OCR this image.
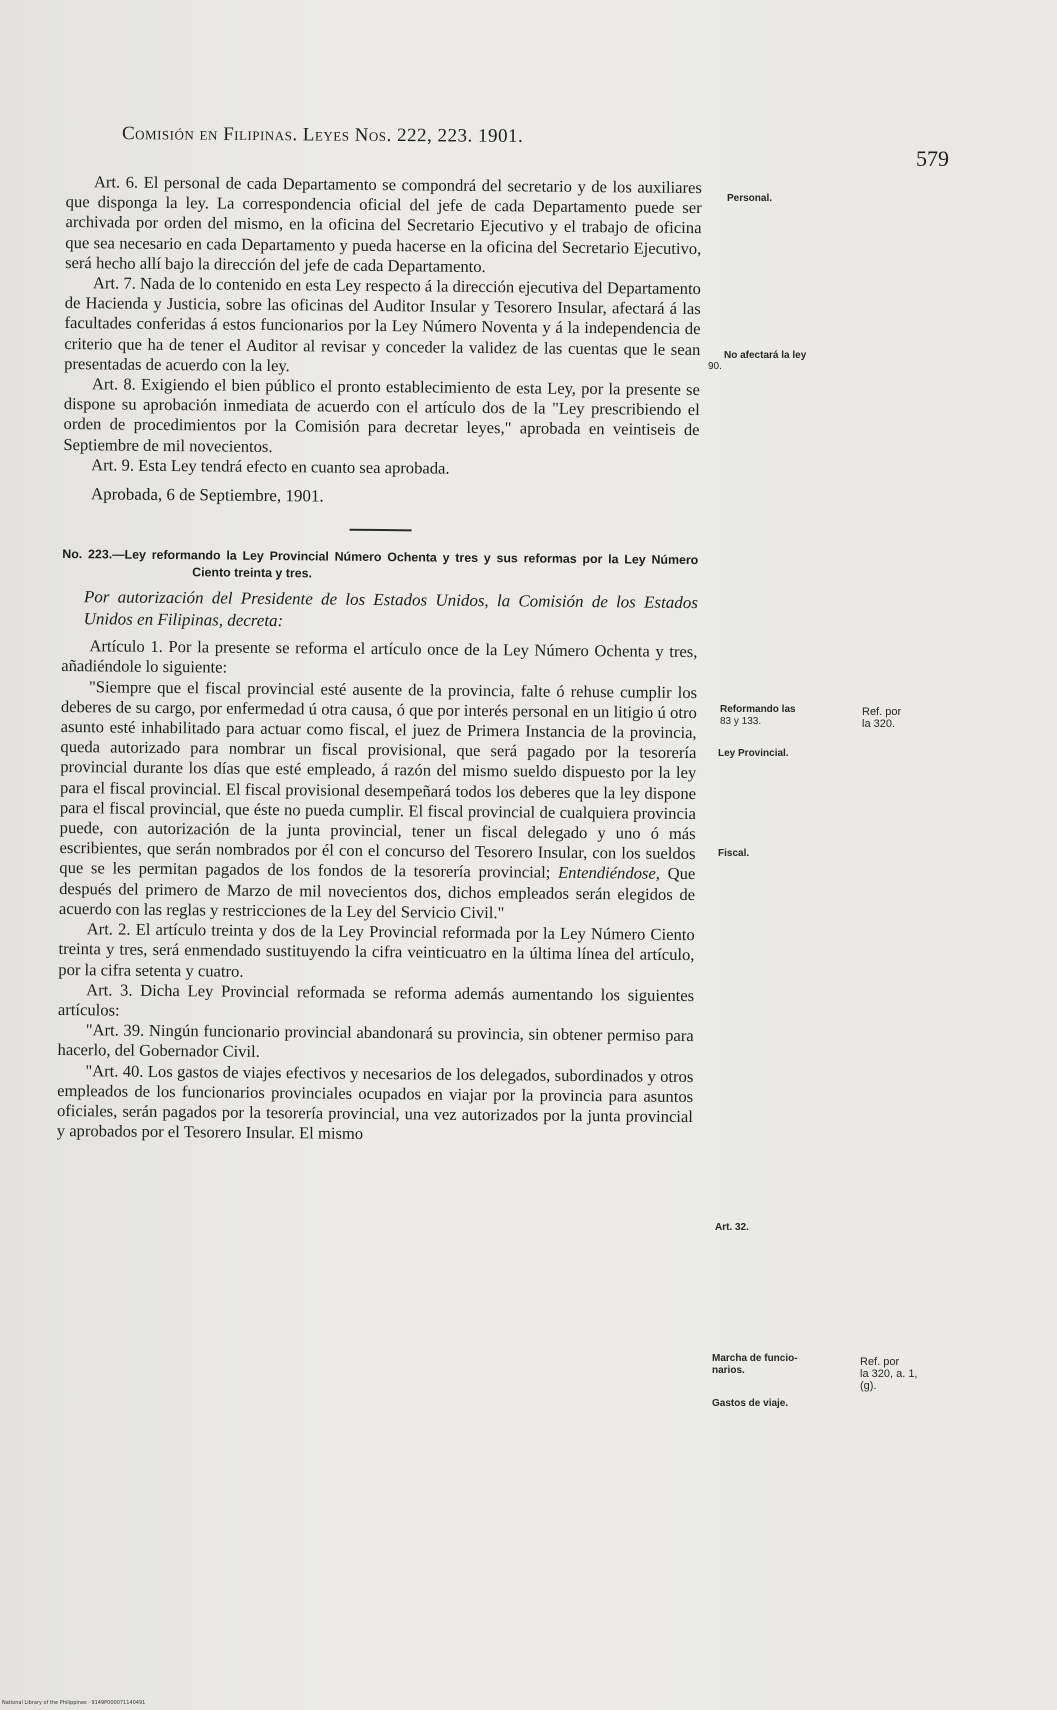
Comisión en Filipinas. Leyes Nos. 222, 223. 1901.
579

Art. 6. El personal de cada Departamento se compondrá del secretario y de los auxiliares que disponga la ley. La correspondencia oficial del jefe de cada Departamento puede ser archivada por orden del mismo, en la oficina del Secretario Ejecutivo y el trabajo de oficina que sea necesario en cada Departamento y pueda hacerse en la oficina del Secretario Ejecutivo, será hecho allí bajo la dirección del jefe de cada Departamento.

Art. 7. Nada de lo contenido en esta Ley respecto á la dirección ejecutiva del Departamento de Hacienda y Justicia, sobre las oficinas del Auditor Insular y Tesorero Insular, afectará á las facultades conferidas á estos funcionarios por la Ley Número Noventa y á la independencia de criterio que ha de tener el Auditor al revisar y conceder la validez de las cuentas que le sean presentadas de acuerdo con la ley.

Art. 8. Exigiendo el bien público el pronto establecimiento de esta Ley, por la presente se dispone su aprobación inmediata de acuerdo con el artículo dos de la "Ley prescribiendo el orden de procedimientos por la Comisión para decretar leyes," aprobada en veintiseis de Septiembre de mil novecientos.

Art. 9. Esta Ley tendrá efecto en cuanto sea aprobada.

Aprobada, 6 de Septiembre, 1901.

No. 223.—Ley reformando la Ley Provincial Número Ochenta y tres y sus reformas por la Ley Número Ciento treinta y tres.

Por autorización del Presidente de los Estados Unidos, la Comisión de los Estados Unidos en Filipinas, decreta:

Artículo 1. Por la presente se reforma el artículo once de la Ley Número Ochenta y tres, añadiéndole lo siguiente:

"Siempre que el fiscal provincial esté ausente de la provincia, falte ó rehuse cumplir los deberes de su cargo, por enfermedad ú otra causa, ó que por interés personal en un litigio ú otro asunto esté inhabilitado para actuar como fiscal, el juez de Primera Instancia de la provincia, queda autorizado para nombrar un fiscal provisional, que será pagado por la tesorería provincial durante los días que esté empleado, á razón del mismo sueldo dispuesto por la ley para el fiscal provincial. El fiscal provisional desempeñará todos los deberes que la ley dispone para el fiscal provincial, que éste no pueda cumplir. El fiscal provincial de cualquiera provincia puede, con autorización de la junta provincial, tener un fiscal delegado y uno ó más escribientes, que serán nombrados por él con el concurso del Tesorero Insular, con los sueldos que se les permitan pagados de los fondos de la tesorería provincial; Entendiéndose, Que después del primero de Marzo de mil novecientos dos, dichos empleados serán elegidos de acuerdo con las reglas y restricciones de la Ley del Servicio Civil."

Art. 2. El artículo treinta y dos de la Ley Provincial reformada por la Ley Número Ciento treinta y tres, será enmendado sustituyendo la cifra veinticuatro en la última línea del artículo, por la cifra setenta y cuatro.

Art. 3. Dicha Ley Provincial reformada se reforma además aumentando los siguientes artículos:

"Art. 39. Ningún funcionario provincial abandonará su provincia, sin obtener permiso para hacerlo, del Gobernador Civil.

"Art. 40. Los gastos de viajes efectivos y necesarios de los delegados, subordinados y otros empleados de los funcionarios provinciales ocupados en viajar por la provincia para asuntos oficiales, serán pagados por la tesorería provincial, una vez autorizados por la junta provincial y aprobados por el Tesorero Insular. El mismo

Personal.
No afectará la ley
90.
Reformando las
83 y 133.
Ref. por
la 320.
Ley Provincial.
Fiscal.
Art. 32.
Marcha de funcio-
narios.
Ref. por
la 320, a. 1,
(g).
Gastos de viaje.
National Library of the Philippines · 9149P000071140491
